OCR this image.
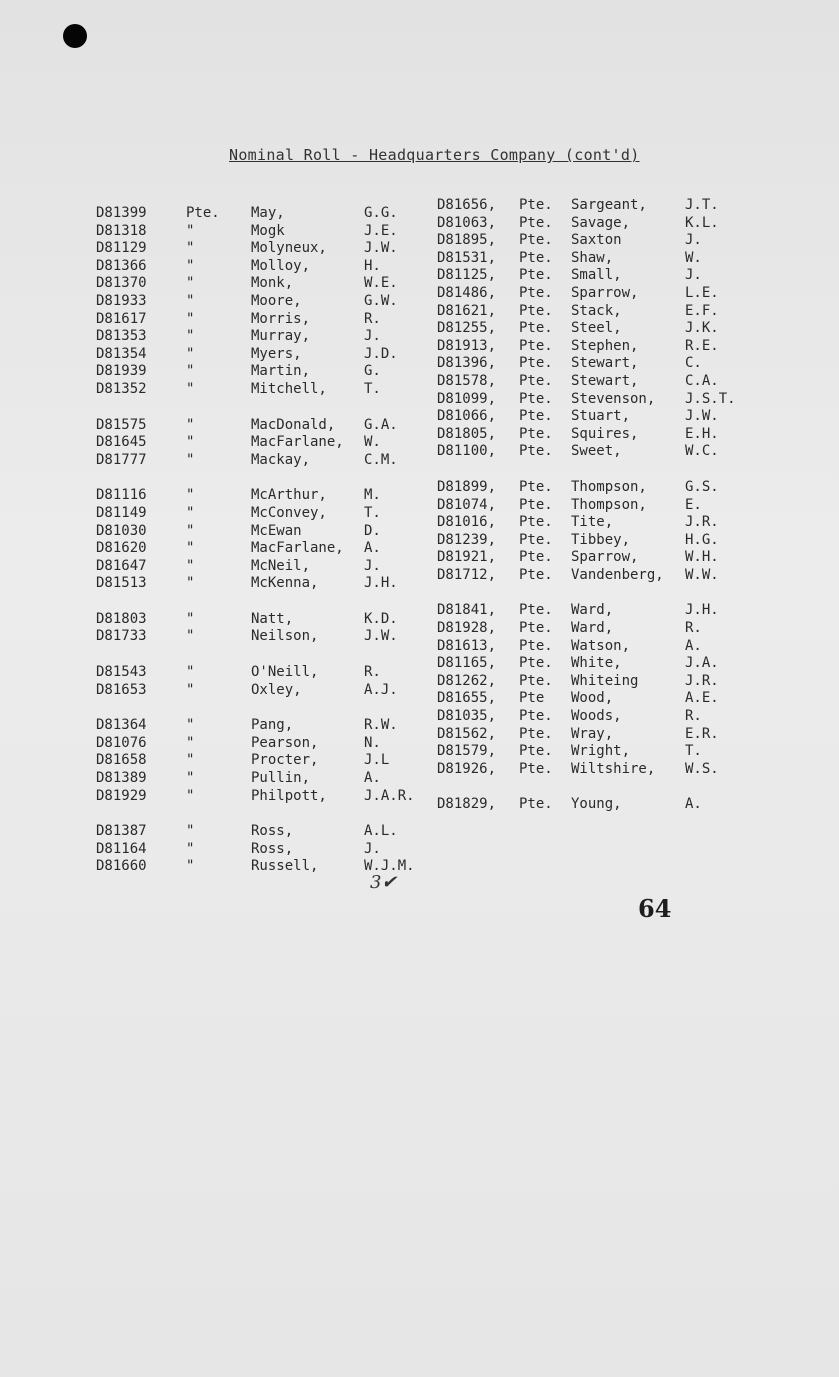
Nominal Roll - Headquarters Company (cont'd)
D81399	Pte. May,	G.G.
D81318	"	Mogk	J.E.
D81129	"	Molyneux,	J.W.
D81366	"	Molloy,	H.
D81370	"	Monk,	W.E.
D81933	"	Moore,	G.W.
D81617	"	Morris,	R.
D81353	"	Murray,	J.
D81354	"	Myers,	J.D.
D81939	"	Martin,	G.
D81352	"	Mitchell,	T.
D81575	"	MacDonald, G.A.
D81645	"	MacFarlane, W.
D81777	"	Mackay,	C.M.
D81116	"	McArthur,	M.
D81149	"	McConvey,	T.
D81030	"	McEwan	D.
D81620	"	MacFarlane, A.
D81647	"	McNeil,	J.
D81513	"	McKenna,	J.H.
D81803	"	Natt,	K.D.
D81733	"	Neilson,	J.W.
D81543	"	O'Neill,	R.
D81653	"	Oxley,	A.J.
D81364	"	Pang,	R.W.
D81076	"	Pearson,	N.
D81658	"	Procter,	J.L
D81389	"	Pullin,	A.
D81929	"	Philpott,	J.A.R.
D81387	"	Ross,	A.L.
D81164	"	Ross,	J.
D81660	"	Russell,	W.J.M.
D81656, Pte. Sargeant,	J.T.
D81063, Pte. Savage,	K.L.
D81895, Pte. Saxton	J.
D81531, Pte. Shaw,	W.
D81125, Pte. Small,	J.
D81486, Pte. Sparrow,	L.E.
D81621, Pte. Stack,	E.F.
D81255, Pte. Steel,	J.K.
D81913, Pte. Stephen,	R.E.
D81396, Pte. Stewart,	C.
D81578, Pte. Stewart,	C.A.
D81099, Pte. Stevenson, J.S.T.
D81066, Pte. Stuart,	J.W.
D81805, Pte. Squires,	E.H.
D81100, Pte. Sweet,	W.C.
D81899, Pte. Thompson,	G.S.
D81074, Pte. Thompson,	E.
D81016, Pte. Tite,	J.R.
D81239, Pte. Tibbey,	H.G.
D81921, Pte. Sparrow,	W.H.
D81712, Pte. Vandenberg, W.W.
D81841, Pte. Ward,	J.H.
D81928, Pte. Ward,	R.
D81613, Pte. Watson,	A.
D81165, Pte. White,	J.A.
D81262, Pte. Whiteing	J.R.
D81655, Pte Wood,	A.E.
D81035, Pte. Woods,	R.
D81562, Pte. Wray,	E.R.
D81579, Pte. Wright,	T.
D81926, Pte. Wiltshire, W.S.
D81829, Pte. Young,	A.
3✔
64
